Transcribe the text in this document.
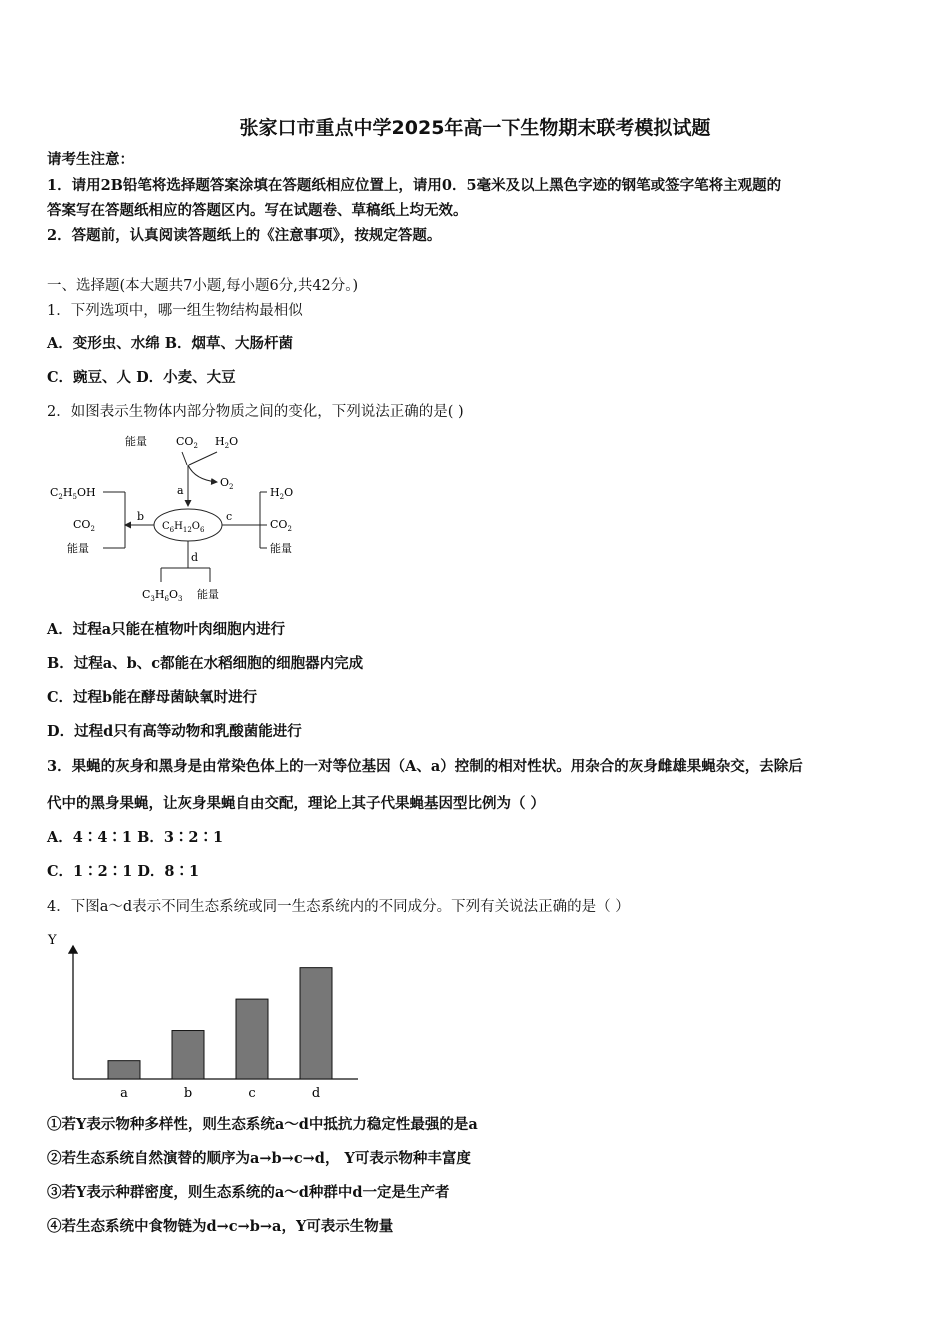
张家口市重点中学2025年高一下生物期末联考模拟试题
请考生注意：
1．请用2B铅笔将选择题答案涂填在答题纸相应位置上，请用0．5毫米及以上黑色字迹的钢笔或签字笔将主观题的
答案写在答题纸相应的答题区内。写在试题卷、草稿纸上均无效。
2．答题前，认真阅读答题纸上的《注意事项》，按规定答题。
一、选择题(本大题共7小题,每小题6分,共42分。)
1．下列选项中，哪一组生物结构最相似
A．变形虫、水绵 B．烟草、大肠杆菌
C．豌豆、人 D．小麦、大豆
2．如图表示生物体内部分物质之间的变化，下列说法正确的是( )
能量	$CO_2$ $H_2O$
$O_2$
a
$C_6H_{12}O_6$
b
$C_2H_5OH$
$CO_2$
能量
c
$H_2O$
$CO_2$
能量
d
$C_3H_6O_3$ 能量
A．过程a只能在植物叶肉细胞内进行
B．过程a、b、c都能在水稻细胞的细胞器内完成
C．过程b能在酵母菌缺氧时进行
D．过程d只有高等动物和乳酸菌能进行
3．果蝇的灰身和黑身是由常染色体上的一对等位基因（A、a）控制的相对性状。用杂合的灰身雌雄果蝇杂交，去除后
代中的黑身果蝇，让灰身果蝇自由交配，理论上其子代果蝇基因型比例为（ ）
A．4∶4∶1 B．3∶2∶1
C．1∶2∶1 D．8∶1
4．下图a～d表示不同生态系统或同一生态系统内的不同成分。下列有关说法正确的是（ ）
Y
a	b	c	d
①若Y表示物种多样性，则生态系统a～d中抵抗力稳定性最强的是a
②若生态系统自然演替的顺序为a→b→c→d， Y可表示物种丰富度
③若Y表示种群密度，则生态系统的a～d种群中d一定是生产者
④若生态系统中食物链为d→c→b→a，Y可表示生物量
